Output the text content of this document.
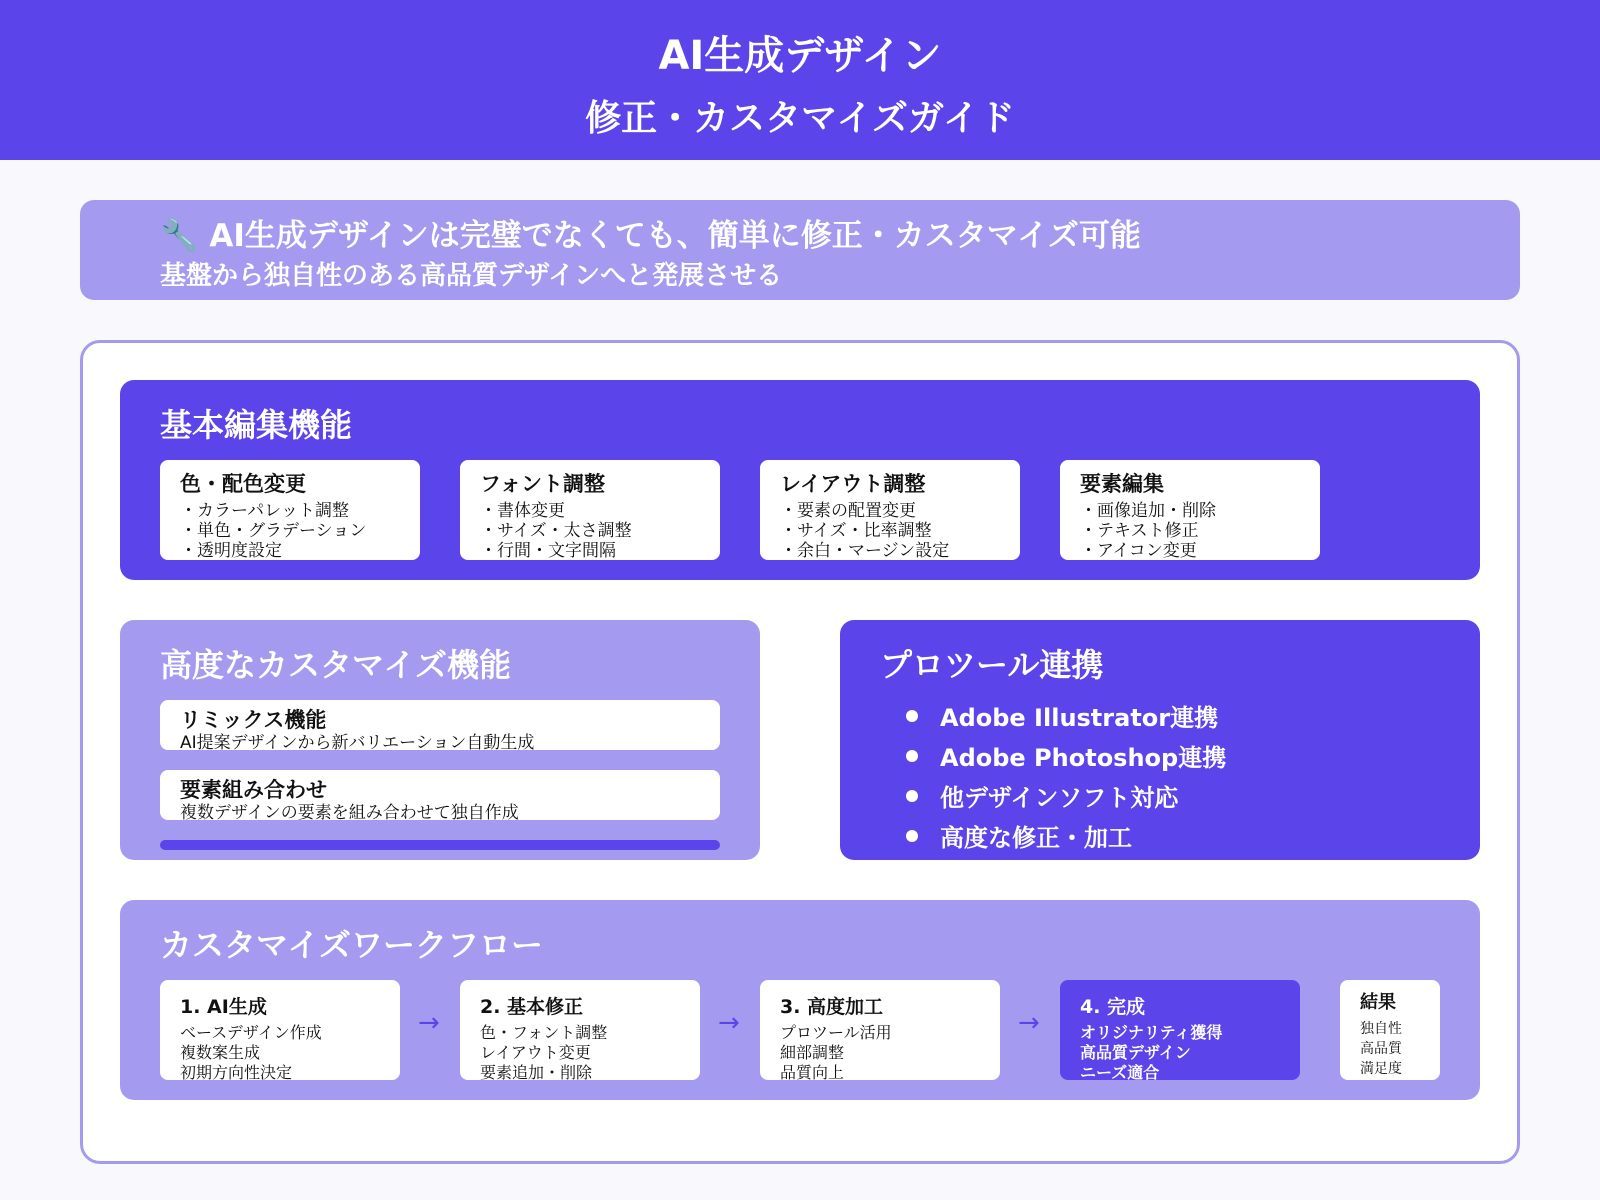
AI生成デザイン
修正・カスタマイズガイド
🔧 AI生成デザインは完璧でなくても、簡単に修正・カスタマイズ可能
基盤から独自性のある高品質デザインへと発展させる
基本編集機能
色・配色変更
・カラーパレット調整
・単色・グラデーション
・透明度設定
フォント調整
・書体変更
・サイズ・太さ調整
・行間・文字間隔
レイアウト調整
・要素の配置変更
・サイズ・比率調整
・余白・マージン設定
要素編集
・画像追加・削除
・テキスト修正
・アイコン変更
高度なカスタマイズ機能
リミックス機能
AI提案デザインから新バリエーション自動生成
要素組み合わせ
複数デザインの要素を組み合わせて独自作成
プロツール連携
Adobe Illustrator連携
Adobe Photoshop連携
他デザインソフト対応
高度な修正・加工
カスタマイズワークフロー
1. AI生成
ベースデザイン作成
複数案生成
初期方向性決定
→
2. 基本修正
色・フォント調整
レイアウト変更
要素追加・削除
→
3. 高度加工
プロツール活用
細部調整
品質向上
→
4. 完成
オリジナリティ獲得
高品質デザイン
ニーズ適合
結果
独自性
高品質
満足度
